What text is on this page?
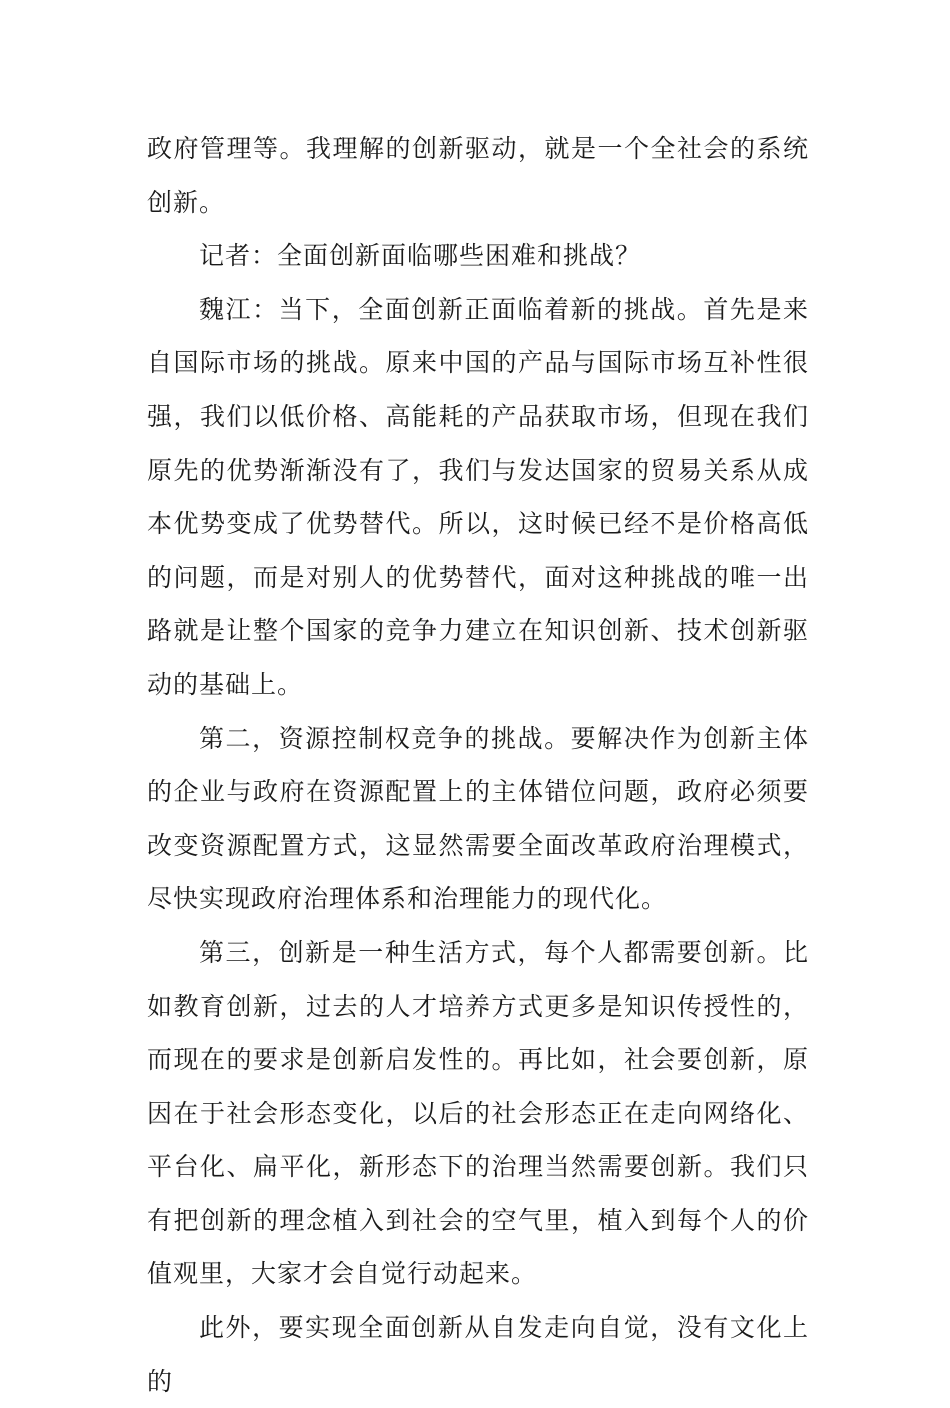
政府管理等。我理解的创新驱动，就是一个全社会的系统创新。

记者：全面创新面临哪些困难和挑战？

魏江：当下，全面创新正面临着新的挑战。首先是来自国际市场的挑战。原来中国的产品与国际市场互补性很强，我们以低价格、高能耗的产品获取市场，但现在我们原先的优势渐渐没有了，我们与发达国家的贸易关系从成本优势变成了优势替代。所以，这时候已经不是价格高低的问题，而是对别人的优势替代，面对这种挑战的唯一出路就是让整个国家的竞争力建立在知识创新、技术创新驱动的基础上。

第二，资源控制权竞争的挑战。要解决作为创新主体的企业与政府在资源配置上的主体错位问题，政府必须要改变资源配置方式，这显然需要全面改革政府治理模式，尽快实现政府治理体系和治理能力的现代化。

第三，创新是一种生活方式，每个人都需要创新。比如教育创新，过去的人才培养方式更多是知识传授性的，而现在的要求是创新启发性的。再比如，社会要创新，原因在于社会形态变化，以后的社会形态正在走向网络化、平台化、扁平化，新形态下的治理当然需要创新。我们只有把创新的理念植入到社会的空气里，植入到每个人的价值观里，大家才会自觉行动起来。

此外，要实现全面创新从自发走向自觉，没有文化上的
